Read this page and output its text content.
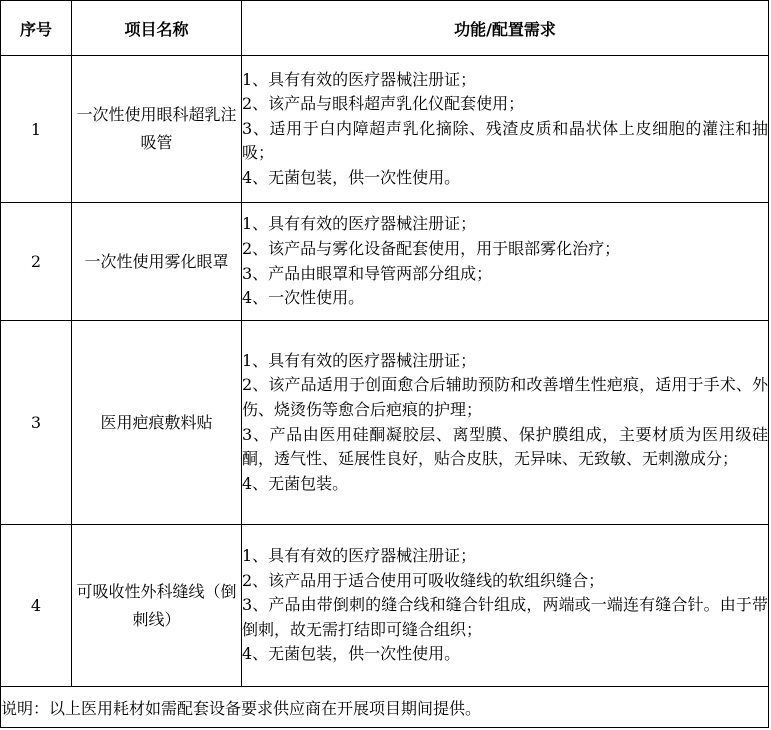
序号	项目名称	功能/配置需求
1	一次性使用眼科超乳注吸管	1、具有有效的医疗器械注册证；
2、该产品与眼科超声乳化仪配套使用；
3、适用于白内障超声乳化摘除、残渣皮质和晶状体上皮细胞的灌注和抽吸；
4、无菌包装，供一次性使用。

2	一次性使用雾化眼罩	1、具有有效的医疗器械注册证；
2、该产品与雾化设备配套使用，用于眼部雾化治疗；
3、产品由眼罩和导管两部分组成；
4、一次性使用。

3	医用疤痕敷料贴	1、具有有效的医疗器械注册证；
2、该产品适用于创面愈合后辅助预防和改善增生性疤痕，适用于手术、外伤、烧烫伤等愈合后疤痕的护理；
3、产品由医用硅酮凝胶层、离型膜、保护膜组成，主要材质为医用级硅酮，透气性、延展性良好，贴合皮肤，无异味、无致敏、无刺激成分；
4、无菌包装。

4	可吸收性外科缝线（倒刺线）	1、具有有效的医疗器械注册证；
2、该产品用于适合使用可吸收缝线的软组织缝合；
3、产品由带倒刺的缝合线和缝合针组成，两端或一端连有缝合针。由于带倒刺，故无需打结即可缝合组织；
4、无菌包装，供一次性使用。

说明：以上医用耗材如需配套设备要求供应商在开展项目期间提供。		
